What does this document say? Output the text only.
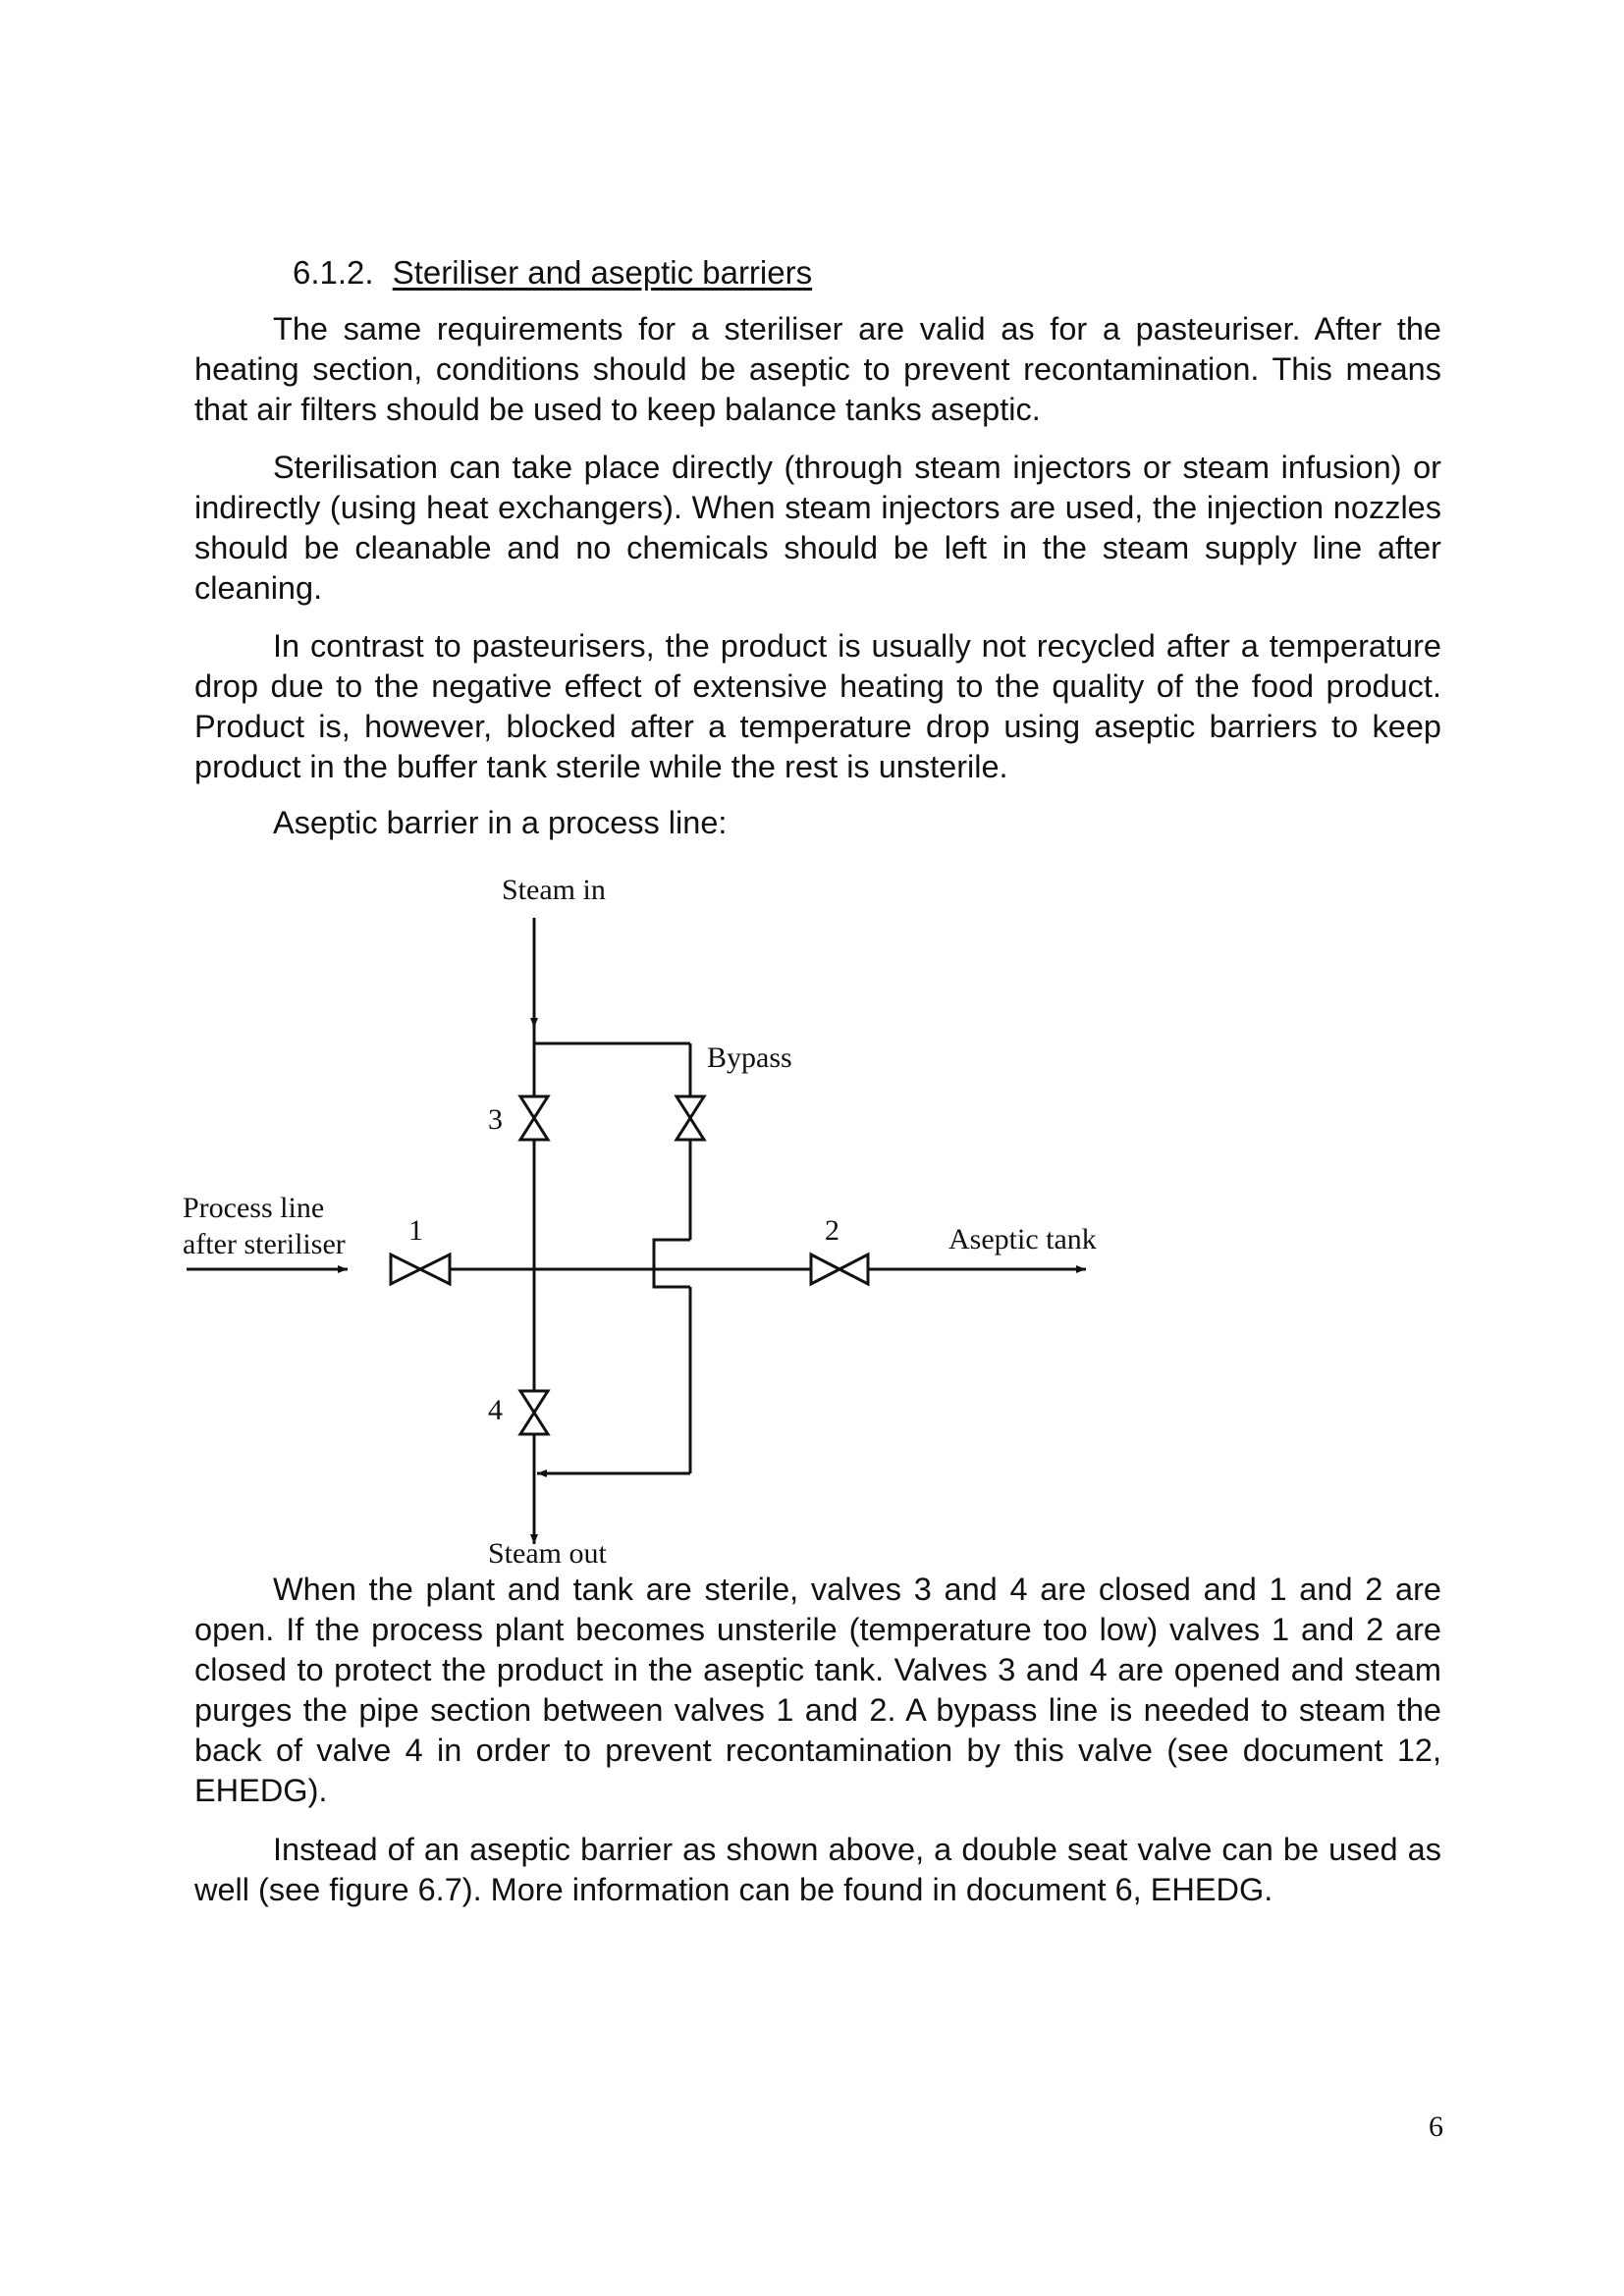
6.1.2. Steriliser and aseptic barriers

The same requirements for a steriliser are valid as for a pasteuriser. After the heating section, conditions should be aseptic to prevent recontamination. This means that air filters should be used to keep balance tanks aseptic.

Sterilisation can take place directly (through steam injectors or steam infusion) or indirectly (using heat exchangers). When steam injectors are used, the injection nozzles should be cleanable and no chemicals should be left in the steam supply line after cleaning.

In contrast to pasteurisers, the product is usually not recycled after a temperature drop due to the negative effect of extensive heating to the quality of the food product. Product is, however, blocked after a temperature drop using aseptic barriers to keep product in the buffer tank sterile while the rest is unsterile.

Aseptic barrier in a process line:

Steam in
Bypass
3
4
1	2
Process line
after steriliser	Aseptic tank
Steam out

When the plant and tank are sterile, valves 3 and 4 are closed and 1 and 2 are open. If the process plant becomes unsterile (temperature too low) valves 1 and 2 are closed to protect the product in the aseptic tank. Valves 3 and 4 are opened and steam purges the pipe section between valves 1 and 2. A bypass line is needed to steam the back of valve 4 in order to prevent recontamination by this valve (see document 12, EHEDG).

Instead of an aseptic barrier as shown above, a double seat valve can be used as well (see figure 6.7). More information can be found in document 6, EHEDG.

6
